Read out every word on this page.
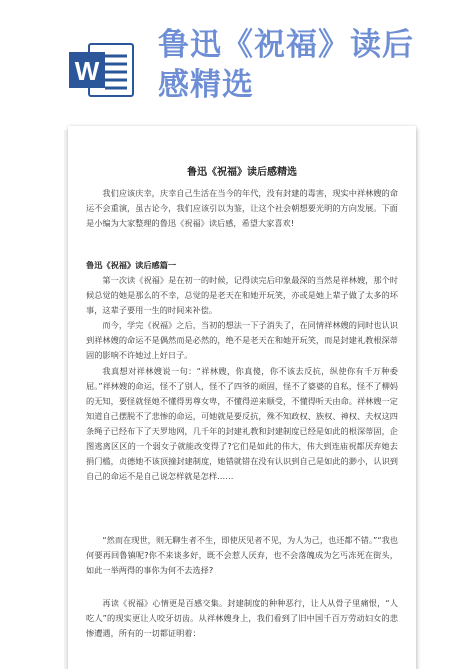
W
鲁迅《祝福》读后
感精选
鲁迅《祝福》读后感精选

我们应该庆幸，庆幸自己生活在当今的年代，没有封建的毒害，现实中祥林嫂的命运不会重演，虽古论今，我们应该引以为鉴，让这个社会朝想要光明的方向发展。下面是小编为大家整理的鲁迅《祝福》读后感，希望大家喜欢!

鲁迅《祝福》读后感篇一

第一次读《祝福》是在初一的时候，记得读完后印象最深的当然是祥林嫂，那个时候总觉的她是那么的不幸，总觉的是老天在和她开玩笑，亦或是她上辈子做了太多的坏事，这辈子要用一生的时间来补偿。

而今，学完《祝福》之后，当初的想法一下子消失了，在同情祥林嫂的同时也认识到祥林嫂的命运不是偶然而是必然的，绝不是老天在和她开玩笑，而是封建礼教根深蒂固的影响不许她过上好日子。

我真想对祥林嫂说一句：“祥林嫂，你真傻，你不该去反抗，纵使你有千万种委屈。”祥林嫂的命运，怪不了别人，怪不了四爷的顽固，怪不了婆婆的自私，怪不了柳妈的无知，要怪就怪她不懂得男尊女卑，不懂得逆来顺受，不懂得听天由命。祥林嫂一定知道自己摆脱不了悲惨的命运，可她就是要反抗，殊不知政权、族权、神权、夫权这四条绳子已经布下了天罗地网，几千年的封建礼教和封建制度已经是如此的根深蒂固，企图逃离区区的一个弱女子就能改变得了?它们是如此的伟大，伟大到连庙祝都厌弃她去捐门槛，贞德她不该顶撞封建制度，她错就错在没有认识到自己是如此的渺小，认识到自己的命运不是自己说怎样就是怎样……

“然而在现世，则无聊生者不生，即使厌见者不见，为人为己，也还都不错。”“我也何要再回鲁镇呢?你不来谈多好，既不会惹人厌弃，也不会落魄成为乞丐冻死在街头，如此一举两得的事你为何不去选择?

再读《祝福》心情更是百感交集。封建制度的种种恶行，让人从骨子里痛恨，“人吃人”的现实更让人咬牙切齿。从祥林嫂身上，我们看到了旧中国千百万劳动妇女的悲惨遭遇，所有的一切都证明着：
